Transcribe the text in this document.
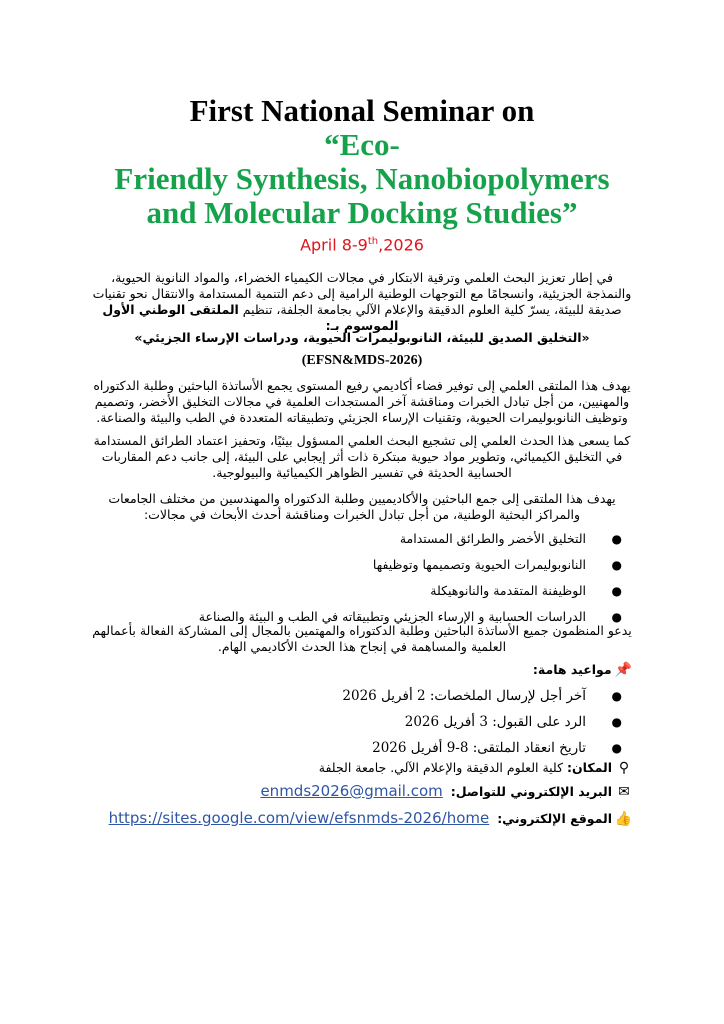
First National Seminar on
“Eco-
Friendly Synthesis, Nanobiopolymers
and Molecular Docking Studies”
April 8-9th,2026
في إطار تعزيز البحث العلمي وترقية الابتكار في مجالات الكيمياء الخضراء، والمواد النانوية الحيوية، والنمذجة الجزيئية، وانسجامًا مع التوجهات الوطنية الرامية إلى دعم التنمية المستدامة والانتقال نحو تقنيات صديقة للبيئة، يسرّ كلية العلوم الدقيقة والإعلام الآلي بجامعة الجلفة، تنظيم الملتقى الوطني الأول الموسوم بـ:
«التخليق الصديق للبيئة، النانوبوليمرات الحيوية، ودراسات الإرساء الجزيئي»
(EFSN&MDS-2026)
يهدف هذا الملتقى العلمي إلى توفير فضاء أكاديمي رفيع المستوى يجمع الأساتذة الباحثين وطلبة الدكتوراه والمهنيين، من أجل تبادل الخبرات ومناقشة آخر المستجدات العلمية في مجالات التخليق الأخضر، وتصميم وتوظيف النانوبوليمرات الحيوية، وتقنيات الإرساء الجزيئي وتطبيقاته المتعددة في الطب والبيئة والصناعة.
كما يسعى هذا الحدث العلمي إلى تشجيع البحث العلمي المسؤول بيئيًا، وتحفيز اعتماد الطرائق المستدامة في التخليق الكيميائي، وتطوير مواد حيوية مبتكرة ذات أثر إيجابي على البيئة، إلى جانب دعم المقاربات الحسابية الحديثة في تفسير الظواهر الكيميائية والبيولوجية.
يهدف هذا الملتقى إلى جمع الباحثين والأكاديميين وطلبة الدكتوراه والمهندسين من مختلف الجامعات والمراكز البحثية الوطنية، من أجل تبادل الخبرات ومناقشة أحدث الأبحاث في مجالات:
●
التخليق الأخضر والطرائق المستدامة
●
النانوبوليمرات الحيوية وتصميمها وتوظيفها
●
الوظيفنة المتقدمة والنانوهيكلة
●
الدراسات الحسابية و الإرساء الجزيئي وتطبيقاته في الطب و البيئة والصناعة
يدعو المنظمون جميع الأساتذة الباحثين وطلبة الدكتوراه والمهتمين بالمجال إلى المشاركة الفعالة بأعمالهم العلمية والمساهمة في إنجاح هذا الحدث الأكاديمي الهام.
📌 مواعيد هامة:
●
آخر أجل لإرسال الملخصات: 2 أفريل 2026
●
الرد على القبول: 3 أفريل 2026
●
تاريخ انعقاد الملتقى: 8-9 أفريل 2026
⚲ المكان: كلية العلوم الدقيقة والإعلام الآلي. جامعة الجلفة
✉ البريد الإلكتروني للتواصل:  enmds2026@gmail.com
👍 الموقع الإلكتروني:  https://sites.google.com/view/efsnmds-2026/home
